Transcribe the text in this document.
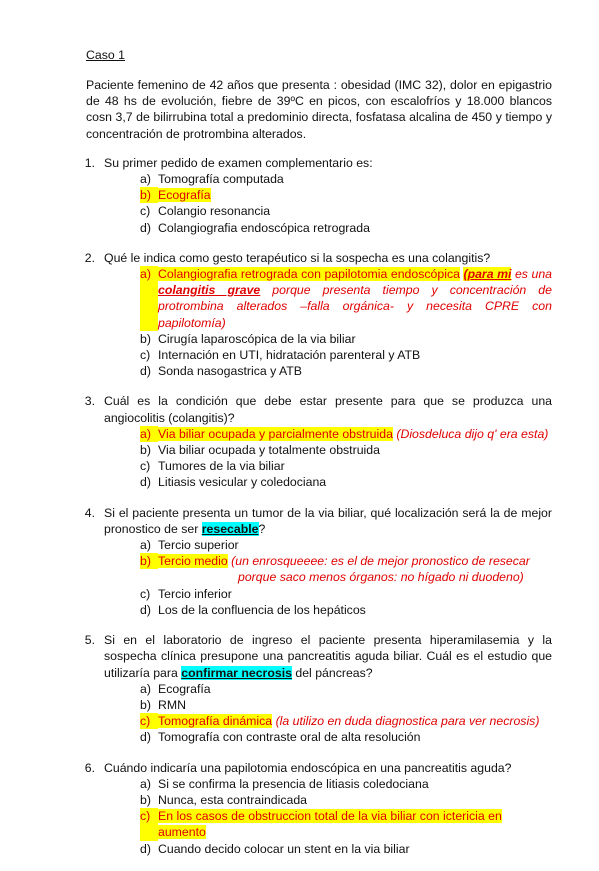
Caso 1
Paciente femenino de 42 años que presenta : obesidad (IMC 32), dolor en epigastrio de 48 hs de evolución, fiebre de 39ºC en picos, con escalofríos y 18.000 blancos cosn 3,7 de bilirrubina total a predominio directa, fosfatasa alcalina de 450 y tiempo y concentración de protrombina alterados.
1. Su primer pedido de examen complementario es:
a) Tomografía computada
b) Ecografía
c) Colangio resonancia
d) Colangiografia endoscópica retrograda
2. Qué le indica como gesto terapéutico si la sospecha es una colangitis?
a) Colangiografia retrograda con papilotomia endoscópica (para mi es una colangitis grave porque presenta tiempo y concentración de protrombina alterados –falla orgánica- y necesita CPRE con papilotomía)
b) Cirugía laparoscópica de la via biliar
c) Internación en UTI, hidratación parenteral y ATB
d) Sonda nasogastrica y ATB
3. Cuál es la condición que debe estar presente para que se produzca una angiocolitis (colangitis)?
a) Via biliar ocupada y parcialmente obstruida (Diosdeluca dijo q' era esta)
b) Via biliar ocupada y totalmente obstruida
c) Tumores de la via biliar
d) Litiasis vesicular y coledociana
4. Si el paciente presenta un tumor de la via biliar, qué localización será la de mejor pronostico de ser resecable?
a) Tercio superior
b) Tercio medio (un enrosqueeee: es el de mejor pronostico de resecar
porque saco menos órganos: no hígado ni duodeno)
c) Tercio inferior
d) Los de la confluencia de los hepáticos
5. Si en el laboratorio de ingreso el paciente presenta hiperamilasemia y la sospecha clínica presupone una pancreatitis aguda biliar. Cuál es el estudio que utilizaría para confirmar necrosis del páncreas?
a) Ecografía
b) RMN
c) Tomografía dinámica (la utilizo en duda diagnostica para ver necrosis)
d) Tomografía con contraste oral de alta resolución
6. Cuándo indicaría una papilotomia endoscópica en una pancreatitis aguda?
a) Si se confirma la presencia de litiasis coledociana
b) Nunca, esta contraindicada
c) En los casos de obstruccion total de la via biliar con ictericia en aumento
d) Cuando decido colocar un stent en la via biliar
